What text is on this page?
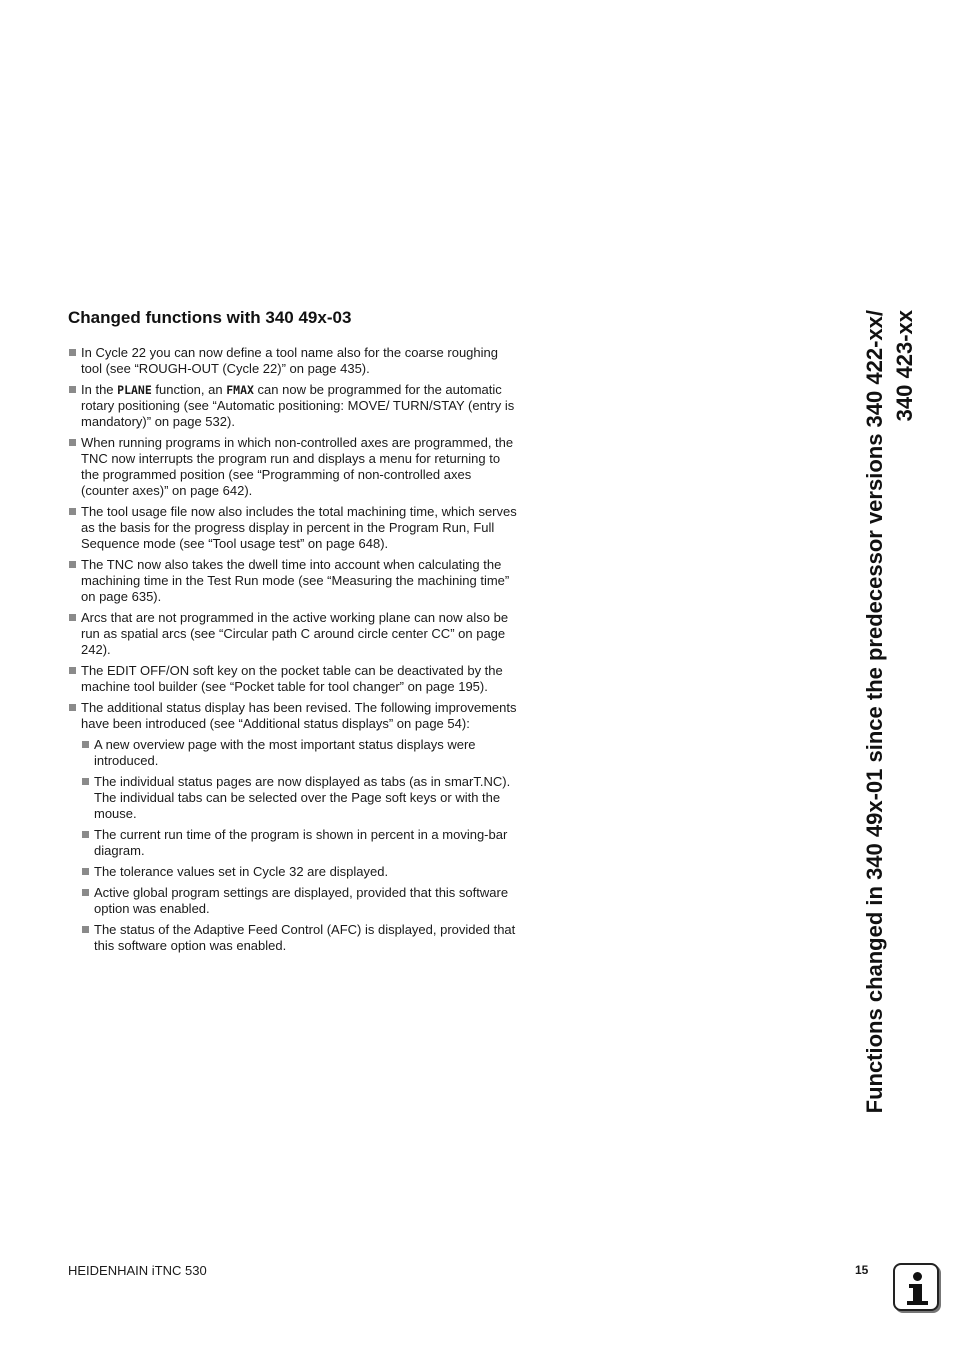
Changed functions with 340 49x-03
In Cycle 22 you can now define a tool name also for the coarse roughing tool (see “ROUGH-OUT (Cycle 22)” on page 435).
In the PLANE function, an FMAX can now be programmed for the automatic rotary positioning (see “Automatic positioning: MOVE/ TURN/STAY (entry is mandatory)” on page 532).
When running programs in which non-controlled axes are programmed, the TNC now interrupts the program run and displays a menu for returning to the programmed position (see “Programming of non-controlled axes (counter axes)” on page 642).
The tool usage file now also includes the total machining time, which serves as the basis for the progress display in percent in the Program Run, Full Sequence mode (see “Tool usage test” on page 648).
The TNC now also takes the dwell time into account when calculating the machining time in the Test Run mode (see “Measuring the machining time” on page 635).
Arcs that are not programmed in the active working plane can now also be run as spatial arcs (see “Circular path C around circle center CC” on page 242).
The EDIT OFF/ON soft key on the pocket table can be deactivated by the machine tool builder (see “Pocket table for tool changer” on page 195).
The additional status display has been revised. The following improvements have been introduced (see “Additional status displays” on page 54):
A new overview page with the most important status displays were introduced.
The individual status pages are now displayed as tabs (as in smarT.NC). The individual tabs can be selected over the Page soft keys or with the mouse.
The current run time of the program is shown in percent in a moving-bar diagram.
The tolerance values set in Cycle 32 are displayed.
Active global program settings are displayed, provided that this software option was enabled.
The status of the Adaptive Feed Control (AFC) is displayed, provided that this software option was enabled.	Functions changed in 340 49x-01 since the predecessor versions 340 422-xx/ 340 423-xx
HEIDENHAIN iTNC 530	15
